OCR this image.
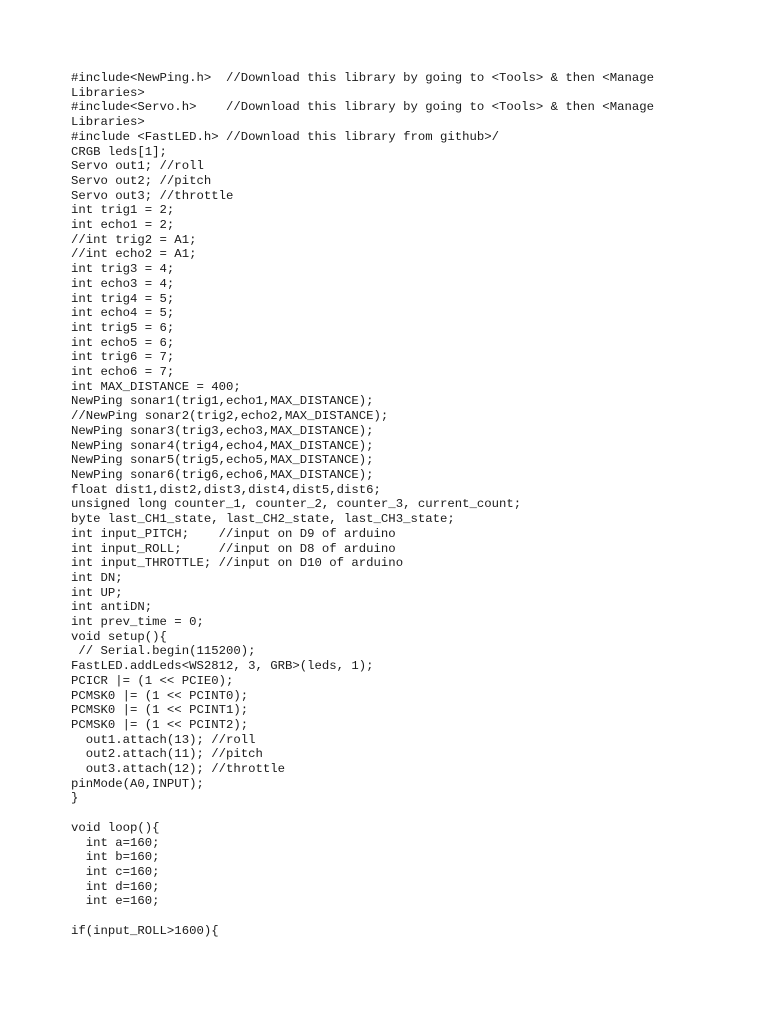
#include<NewPing.h>  //Download this library by going to <Tools> & then <Manage
Libraries>
#include<Servo.h>    //Download this library by going to <Tools> & then <Manage
Libraries>
#include <FastLED.h> //Download this library from github>/
CRGB leds[1];
Servo out1; //roll
Servo out2; //pitch
Servo out3; //throttle
int trig1 = 2;
int echo1 = 2;
//int trig2 = A1;
//int echo2 = A1;
int trig3 = 4;
int echo3 = 4;
int trig4 = 5;
int echo4 = 5;
int trig5 = 6;
int echo5 = 6;
int trig6 = 7;
int echo6 = 7;
int MAX_DISTANCE = 400;
NewPing sonar1(trig1,echo1,MAX_DISTANCE);
//NewPing sonar2(trig2,echo2,MAX_DISTANCE);
NewPing sonar3(trig3,echo3,MAX_DISTANCE);
NewPing sonar4(trig4,echo4,MAX_DISTANCE);
NewPing sonar5(trig5,echo5,MAX_DISTANCE);
NewPing sonar6(trig6,echo6,MAX_DISTANCE);
float dist1,dist2,dist3,dist4,dist5,dist6;
unsigned long counter_1, counter_2, counter_3, current_count;
byte last_CH1_state, last_CH2_state, last_CH3_state;
int input_PITCH;    //input on D9 of arduino
int input_ROLL;     //input on D8 of arduino
int input_THROTTLE; //input on D10 of arduino
int DN;
int UP;
int antiDN;
int prev_time = 0;
void setup(){
// Serial.begin(115200);
FastLED.addLeds<WS2812, 3, GRB>(leds, 1);
PCICR |= (1 << PCIE0);
PCMSK0 |= (1 << PCINT0);
PCMSK0 |= (1 << PCINT1);
PCMSK0 |= (1 << PCINT2);
out1.attach(13); //roll
out2.attach(11); //pitch
out3.attach(12); //throttle
pinMode(A0,INPUT);
}
void loop(){
int a=160;
int b=160;
int c=160;
int d=160;
int e=160;
if(input_ROLL>1600){
